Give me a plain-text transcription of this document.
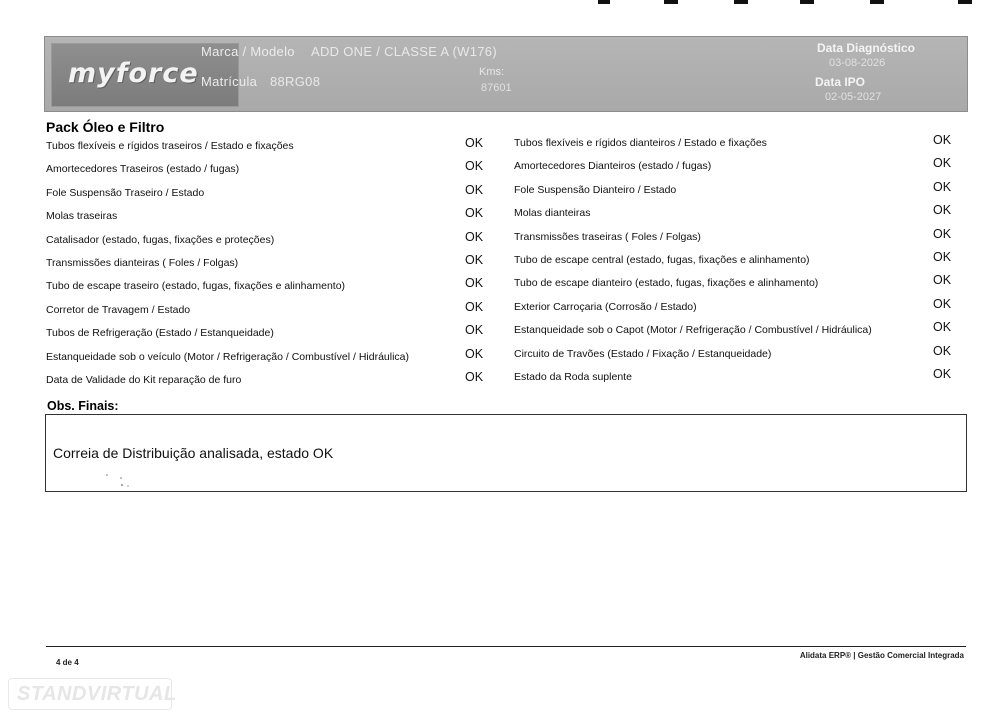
myforce
Marca / Modelo ADD ONE / CLASSE A (W176)
Matrícula 88RG08
Kms:
87601
Data Diagnóstico
03-08-2026
Data IPO
02-05-2027
Pack Óleo e Filtro
Tubos flexíveis e rígidos traseiros / Estado e fixações	OK
Amortecedores Traseiros (estado / fugas)	OK
Fole Suspensão Traseiro / Estado	OK
Molas traseiras	OK
Catalisador (estado, fugas, fixações e proteções)	OK
Transmissões dianteiras ( Foles / Folgas)	OK
Tubo de escape traseiro (estado, fugas, fixações e alinhamento)	OK
Corretor de Travagem / Estado	OK
Tubos de Refrigeração (Estado / Estanqueidade)	OK
Estanqueidade sob o veículo (Motor / Refrigeração / Combustível / Hidráulica)	OK
Data de Validade do Kit reparação de furo	OK
Tubos flexíveis e rígidos dianteiros / Estado e fixações	OK
Amortecedores Dianteiros (estado / fugas)	OK
Fole Suspensão Dianteiro / Estado	OK
Molas dianteiras	OK
Transmissões traseiras ( Foles / Folgas)	OK
Tubo de escape central (estado, fugas, fixações e alinhamento)	OK
Tubo de escape dianteiro (estado, fugas, fixações e alinhamento)	OK
Exterior Carroçaria (Corrosão / Estado)	OK
Estanqueidade sob o Capot (Motor / Refrigeração / Combustível / Hidráulica)	OK
Circuito de Travões (Estado / Fixação / Estanqueidade)	OK
Estado da Roda suplente	OK
Obs. Finais:
Correia de Distribuição analisada, estado OK
4 de 4
Alidata ERP® | Gestão Comercial Integrada
STANDVIRTUAL
